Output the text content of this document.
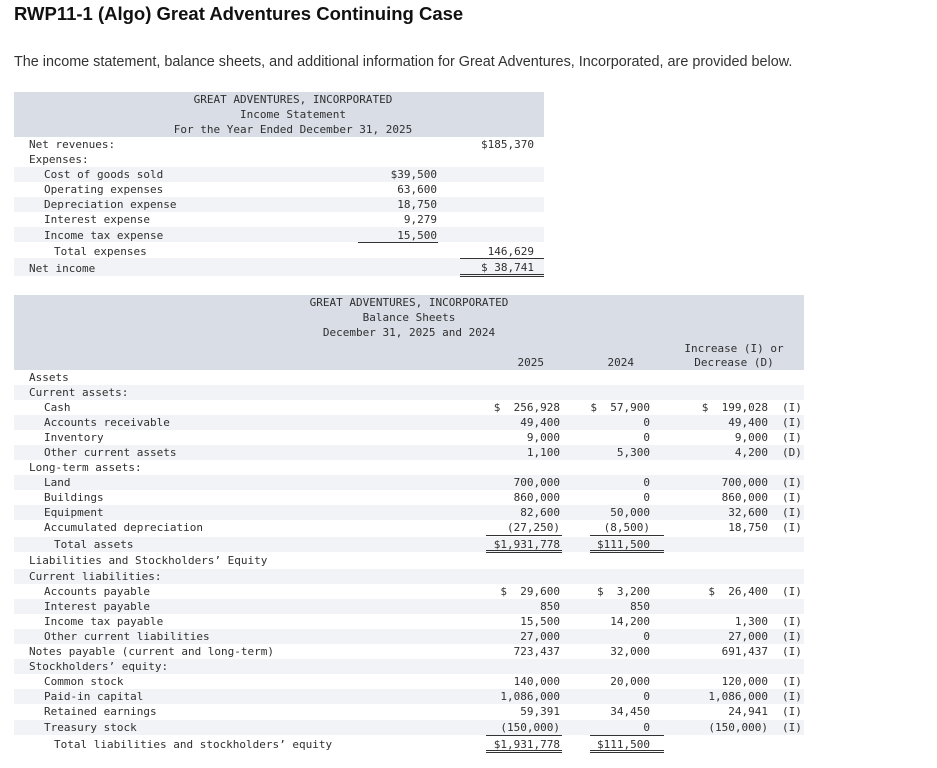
RWP11-1 (Algo) Great Adventures Continuing Case
The income statement, balance sheets, and additional information for Great Adventures, Incorporated, are provided below.
GREAT ADVENTURES, INCORPORATED
Income Statement
For the Year Ended December 31, 2025
Net revenues:	$185,370
Expenses:
Cost of goods sold	$39,500
Operating expenses	63,600
Depreciation expense	18,750
Interest expense	9,279
Income tax expense	15,500
Total expenses	146,629
Net income	$ 38,741
GREAT ADVENTURES, INCORPORATED
Balance Sheets
December 31, 2025 and 2024
Increase (I) or
Decrease (D)
2025	2024
Assets
Current assets:
Cash	$  256,928	$  57,900	$  199,028 (I)
Accounts receivable	49,400	0	49,400 (I)
Inventory	9,000	0	9,000 (I)
Other current assets	1,100	5,300	4,200 (D)
Long-term assets:
Land	700,000	0	700,000 (I)
Buildings	860,000	0	860,000 (I)
Equipment	82,600	50,000	32,600 (I)
Accumulated depreciation	(27,250)	(8,500)	18,750 (I)
Total assets	$1,931,778	$111,500
Liabilities and Stockholders’ Equity
Current liabilities:
Accounts payable	$  29,600	$  3,200	$  26,400 (I)
Interest payable	850	850
Income tax payable	15,500	14,200	1,300 (I)
Other current liabilities	27,000	0	27,000 (I)
Notes payable (current and long-term)	723,437	32,000	691,437 (I)
Stockholders’ equity:
Common stock	140,000	20,000	120,000 (I)
Paid-in capital	1,086,000	0	1,086,000 (I)
Retained earnings	59,391	34,450	24,941 (I)
Treasury stock	(150,000)	0	(150,000) (I)
Total liabilities and stockholders’ equity	$1,931,778	$111,500
